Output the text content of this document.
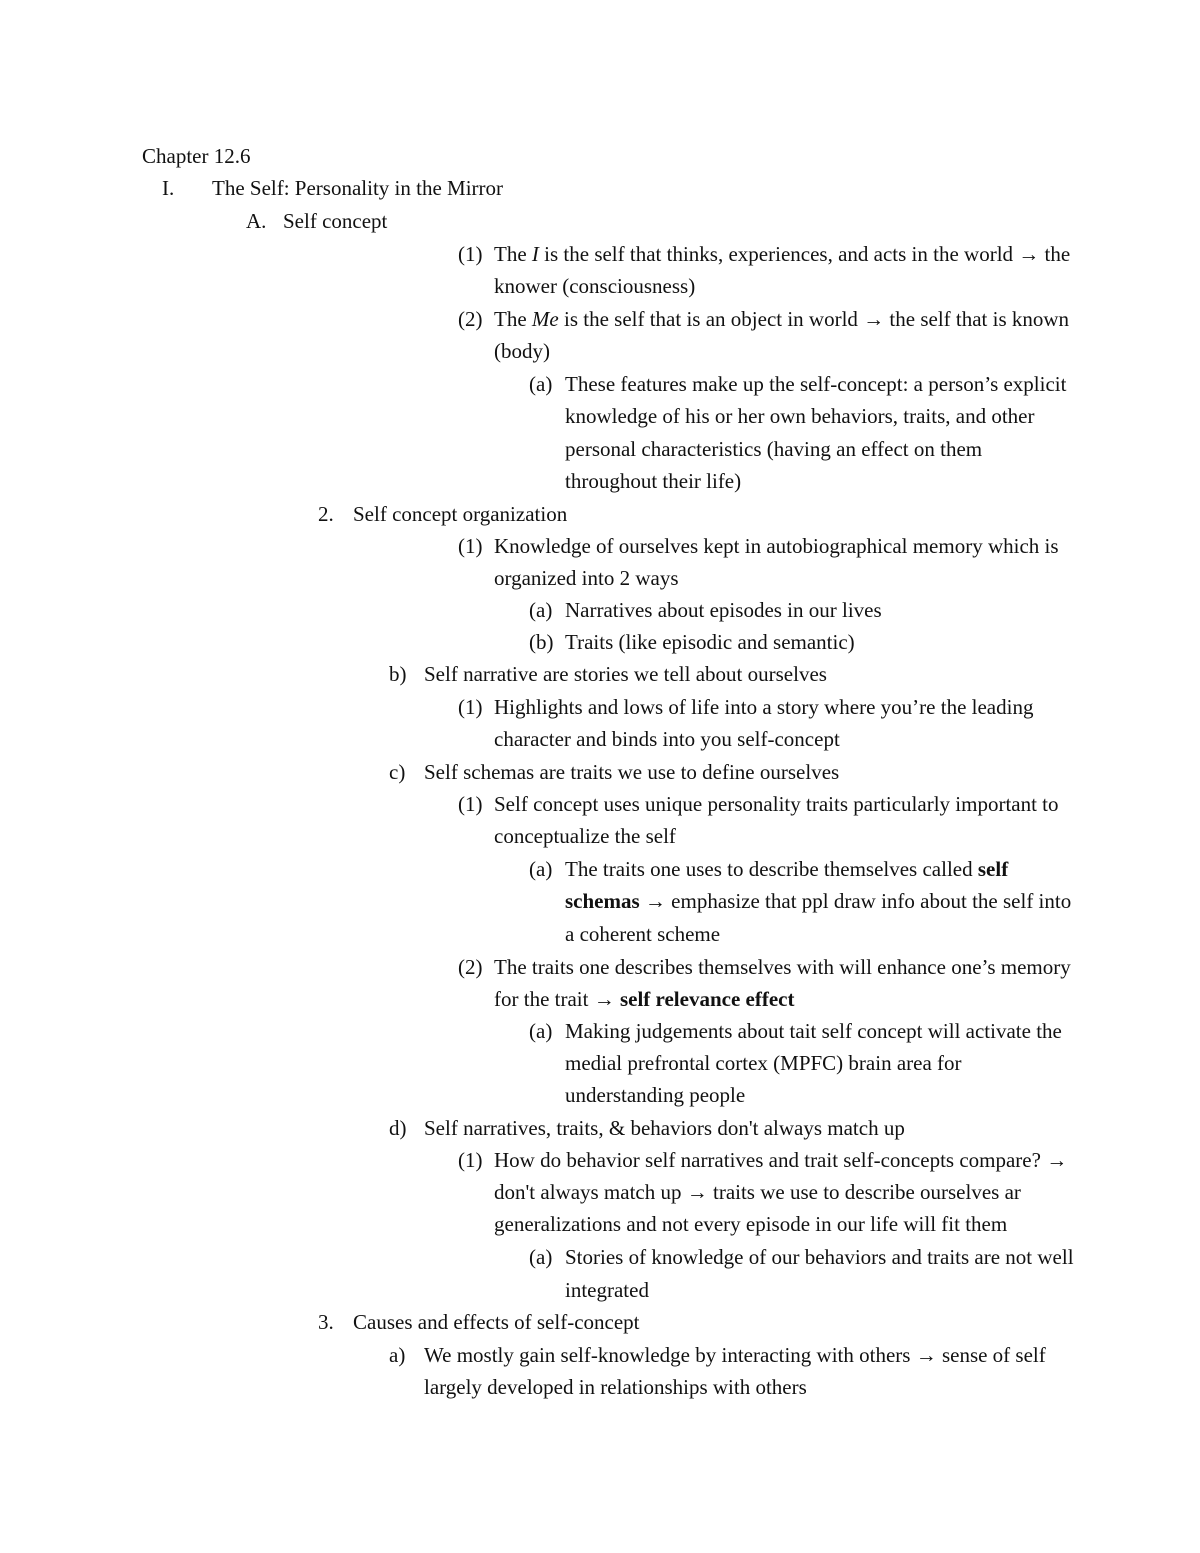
Chapter 12.6
I. The Self: Personality in the Mirror
A. Self concept
(1) The I is the self that thinks, experiences, and acts in the world → the
knower (consciousness)
(2) The Me is the self that is an object in world → the self that is known
(body)
(a) These features make up the self-concept: a person’s explicit
knowledge of his or her own behaviors, traits, and other
personal characteristics (having an effect on them
throughout their life)
2. Self concept organization
(1) Knowledge of ourselves kept in autobiographical memory which is
organized into 2 ways
(a) Narratives about episodes in our lives
(b) Traits (like episodic and semantic)
b) Self narrative are stories we tell about ourselves
(1) Highlights and lows of life into a story where you’re the leading
character and binds into you self-concept
c) Self schemas are traits we use to define ourselves
(1) Self concept uses unique personality traits particularly important to
conceptualize the self
(a) The traits one uses to describe themselves called self
schemas → emphasize that ppl draw info about the self into
a coherent scheme
(2) The traits one describes themselves with will enhance one’s memory
for the trait → self relevance effect
(a) Making judgements about tait self concept will activate the
medial prefrontal cortex (MPFC) brain area for
understanding people
d) Self narratives, traits, & behaviors don't always match up
(1) How do behavior self narratives and trait self-concepts compare? →
don't always match up → traits we use to describe ourselves ar
generalizations and not every episode in our life will fit them
(a) Stories of knowledge of our behaviors and traits are not well
integrated
3. Causes and effects of self-concept
a) We mostly gain self-knowledge by interacting with others → sense of self
largely developed in relationships with others
